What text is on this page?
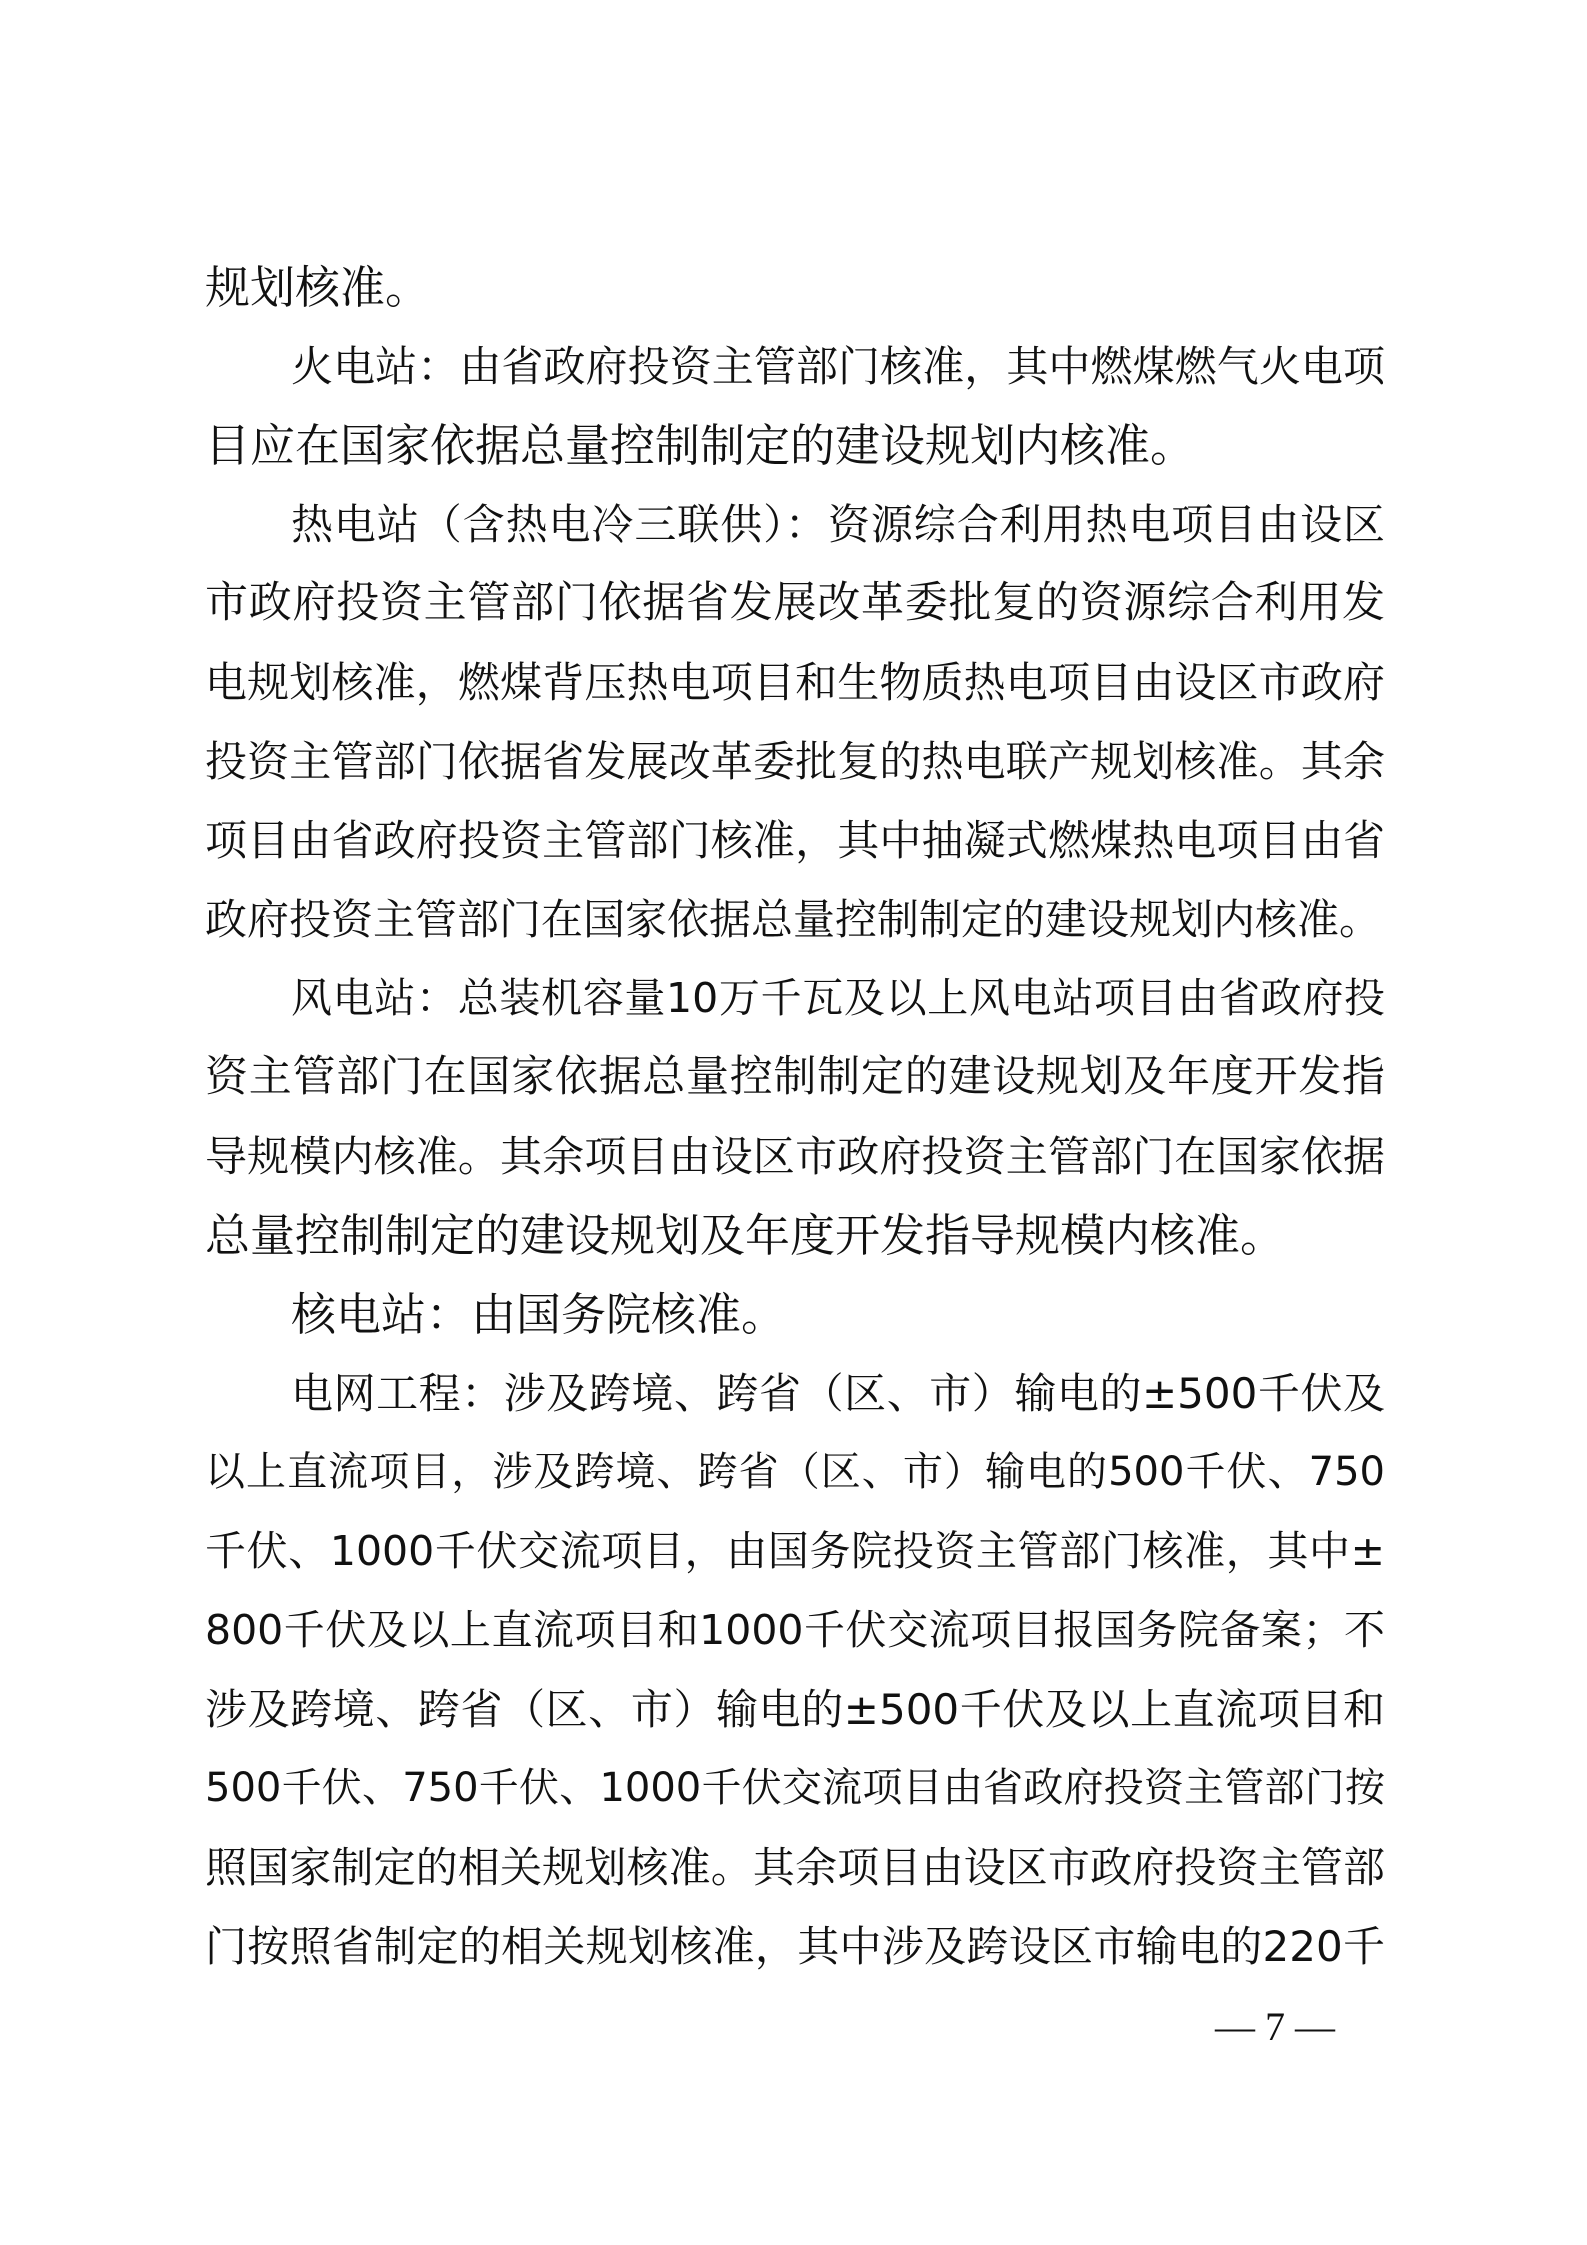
规划核准。
火电站：由省政府投资主管部门核准，其中燃煤燃气火电项
目应在国家依据总量控制制定的建设规划内核准。
热电站（含热电冷三联供）：资源综合利用热电项目由设区
市政府投资主管部门依据省发展改革委批复的资源综合利用发
电规划核准，燃煤背压热电项目和生物质热电项目由设区市政府
投资主管部门依据省发展改革委批复的热电联产规划核准。其余
项目由省政府投资主管部门核准，其中抽凝式燃煤热电项目由省
政府投资主管部门在国家依据总量控制制定的建设规划内核准。
风电站：总装机容量10万千瓦及以上风电站项目由省政府投
资主管部门在国家依据总量控制制定的建设规划及年度开发指
导规模内核准。其余项目由设区市政府投资主管部门在国家依据
总量控制制定的建设规划及年度开发指导规模内核准。
核电站：由国务院核准。
电网工程：涉及跨境、跨省（区、市）输电的±500千伏及
以上直流项目，涉及跨境、跨省（区、市）输电的500千伏、750
千伏、1000千伏交流项目，由国务院投资主管部门核准，其中±
800千伏及以上直流项目和1000千伏交流项目报国务院备案；不
涉及跨境、跨省（区、市）输电的±500千伏及以上直流项目和
500千伏、750千伏、1000千伏交流项目由省政府投资主管部门按
照国家制定的相关规划核准。其余项目由设区市政府投资主管部
门按照省制定的相关规划核准，其中涉及跨设区市输电的220千
— 7 —
